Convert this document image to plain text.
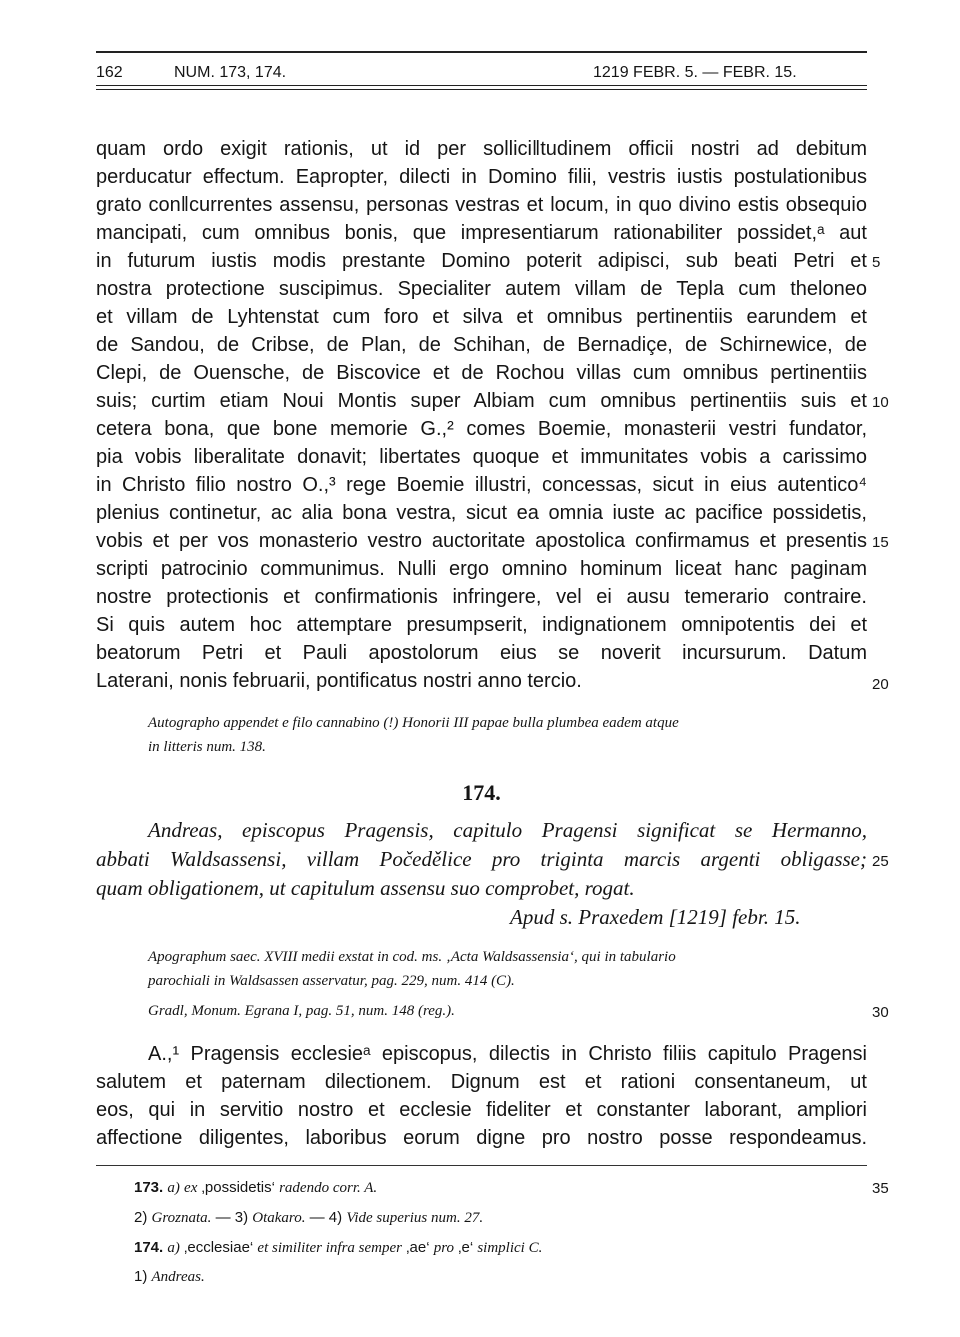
162	NUM. 173, 174.	1219 FEBR. 5. — FEBR. 15.
quam ordo exigit rationis, ut id per sollici‖tudinem officii nostri ad debitum
perducatur effectum. Eapropter, dilecti in Domino filii, vestris iustis postulationibus
grato con‖currentes assensu, personas vestras et locum, in quo divino estis obsequio
mancipati, cum omnibus bonis, que impresentiarum rationabiliter possidet,ᵃ aut
in futurum iustis modis prestante Domino poterit adipisci, sub beati Petri et
nostra protectione suscipimus. Specialiter autem villam de Tepla cum theloneo
et villam de Lyhtenstat cum foro et silva et omnibus pertinentiis earundem et
de Sandou, de Cribse, de Plan, de Schihan, de Bernadiçe, de Schirnewice, de
Clepi, de Ouensche, de Biscovice et de Rochou villas cum omnibus pertinentiis
suis; curtim etiam Noui Montis super Albiam cum omnibus pertinentiis suis et
cetera bona, que bone memorie G.,² comes Boemie, monasterii vestri fundator,
pia vobis liberalitate donavit; libertates quoque et immunitates vobis a carissimo
in Christo filio nostro O.,³ rege Boemie illustri, concessas, sicut in eius autentico⁴
plenius continetur, ac alia bona vestra, sicut ea omnia iuste ac pacifice possidetis,
vobis et per vos monasterio vestro auctoritate apostolica confirmamus et presentis
scripti patrocinio communimus. Nulli ergo omnino hominum liceat hanc paginam
nostre protectionis et confirmationis infringere, vel ei ausu temerario contraire.
Si quis autem hoc attemptare presumpserit, indignationem omnipotentis dei et
beatorum Petri et Pauli apostolorum eius se noverit incursurum. Datum
Laterani, nonis februarii, pontificatus nostri anno tercio.
Autographo appendet e filo cannabino (!) Honorii III papae bulla plumbea eadem atque
in litteris num. 138.
174.
Andreas, episcopus Pragensis, capitulo Pragensi significat se Hermanno,
abbati Waldsassensi, villam Počedělice pro triginta marcis argenti obligasse;
quam obligationem, ut capitulum assensu suo comprobet, rogat.
Apud s. Praxedem [1219] febr. 15.
Apographum saec. XVIII medii exstat in cod. ms. ‚Acta Waldsassensia‘, qui in tabulario
parochiali in Waldsassen asservatur, pag. 229, num. 414 (C).
Gradl, Monum. Egrana I, pag. 51, num. 148 (reg.).
A.,¹ Pragensis ecclesieᵃ episcopus, dilectis in Christo filiis capitulo Pragensi
salutem et paternam dilectionem. Dignum est et rationi consentaneum, ut
eos, qui in servitio nostro et ecclesie fideliter et constanter laborant, ampliori
affectione diligentes, laboribus eorum digne pro nostro posse respondeamus.
5
10
15
20
25
30
35
173. a) ex ‚possidetis‘ radendo corr. A.
2) Groznata. — 3) Otakaro. — 4) Vide superius num. 27.
174. a) ‚ecclesiae‘ et similiter infra semper ‚ae‘ pro ‚e‘ simplici C.
1) Andreas.
